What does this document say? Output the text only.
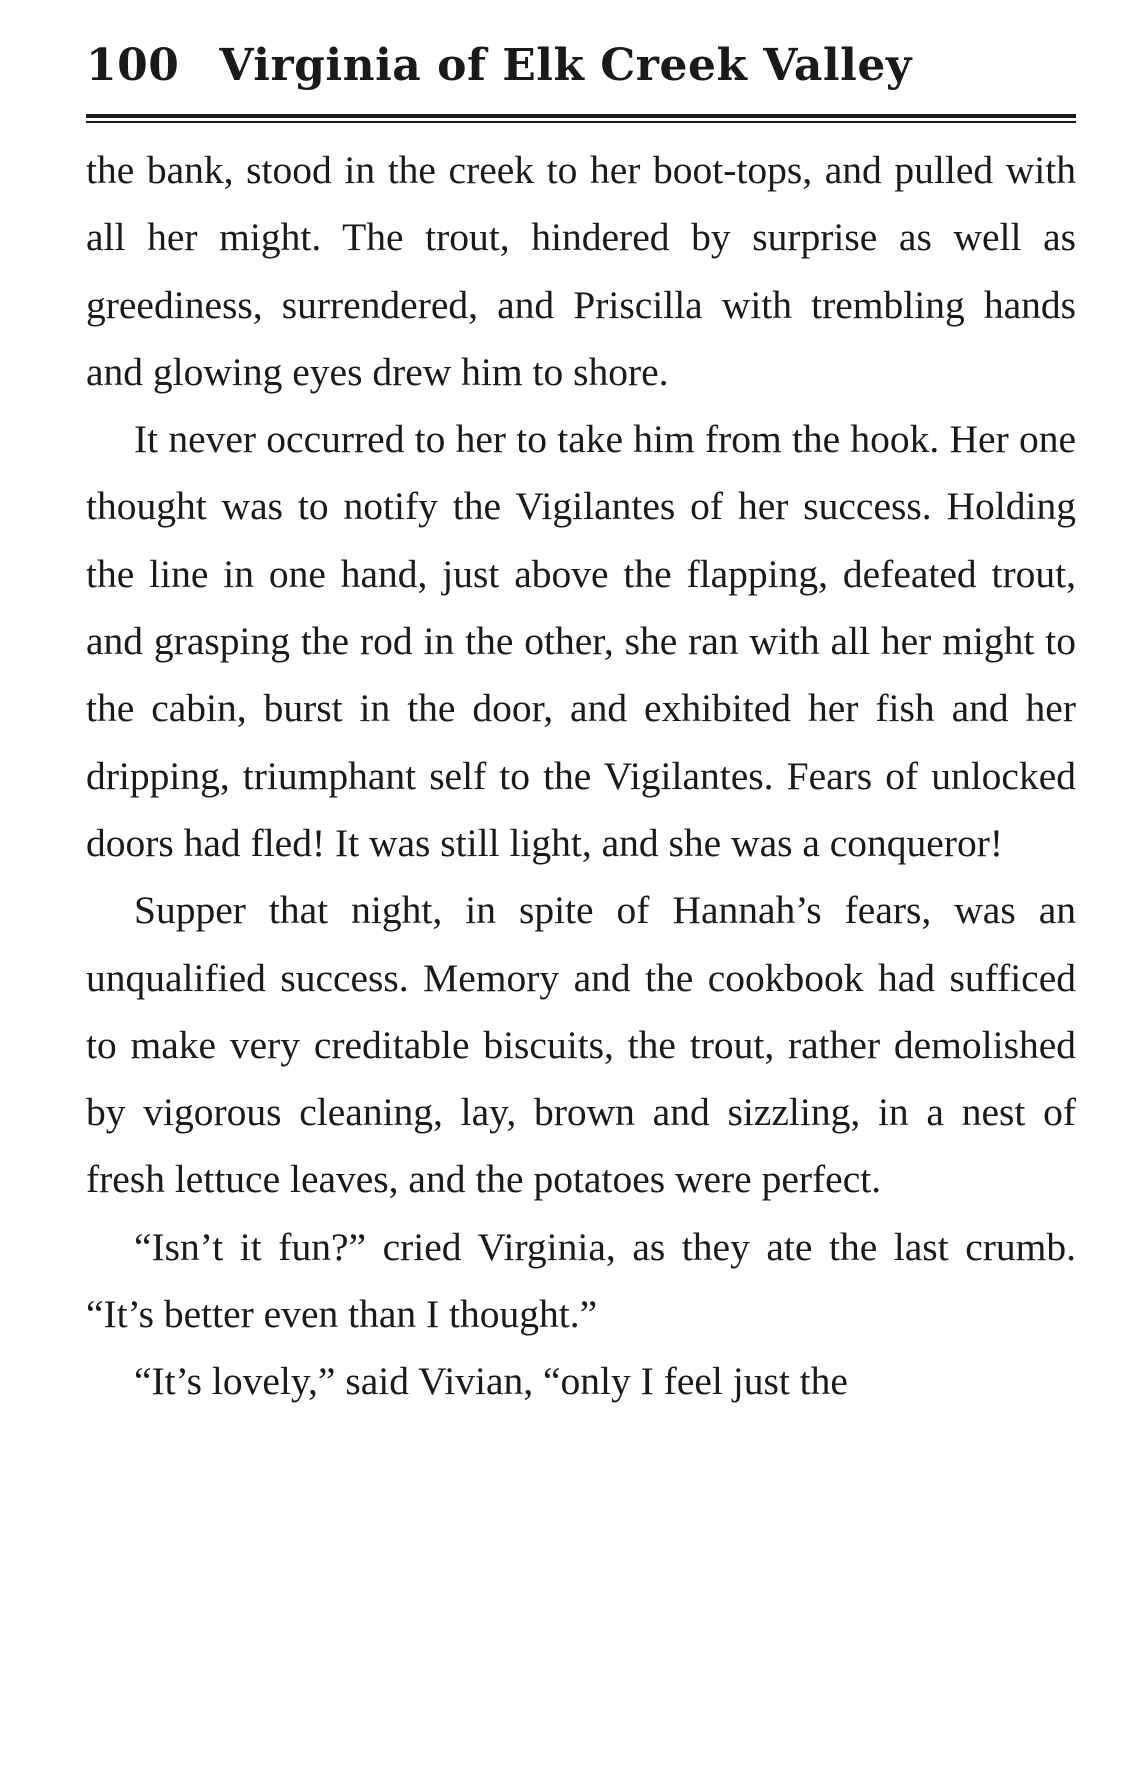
100 Virginia of Elk Creek Valley

the bank, stood in the creek to her boot-tops, and pulled with all her might. The trout, hindered by surprise as well as greediness, surrendered, and Priscilla with trembling hands and glowing eyes drew him to shore.

It never occurred to her to take him from the hook. Her one thought was to notify the Vigilantes of her success. Holding the line in one hand, just above the flapping, defeated trout, and grasping the rod in the other, she ran with all her might to the cabin, burst in the door, and exhibited her fish and her dripping, triumphant self to the Vigilantes. Fears of unlocked doors had fled! It was still light, and she was a conqueror!

Supper that night, in spite of Hannah’s fears, was an unqualified success. Memory and the cookbook had sufficed to make very creditable biscuits, the trout, rather demolished by vigorous cleaning, lay, brown and sizzling, in a nest of fresh lettuce leaves, and the potatoes were perfect.

“Isn’t it fun?” cried Virginia, as they ate the last crumb. “It’s better even than I thought.”

“It’s lovely,” said Vivian, “only I feel just the
